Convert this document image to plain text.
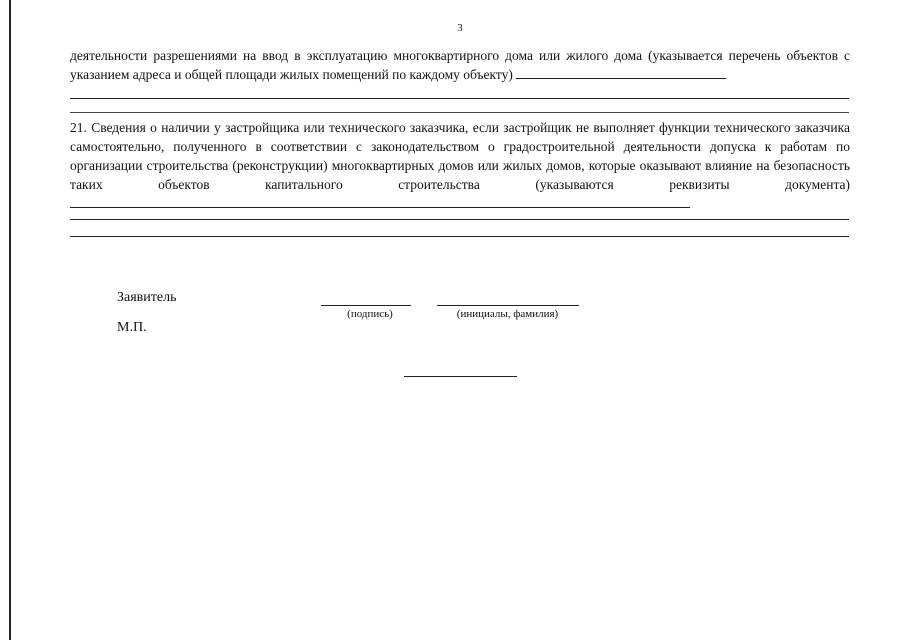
3
деятельности разрешениями на ввод в эксплуатацию многоквартирного дома или жилого дома (указывается перечень объектов с указанием адреса и общей площади жилых помещений по каждому объекту)
21. Сведения о наличии у застройщика или технического заказчика, если застройщик не выполняет функции технического заказчика самостоятельно, полученного в соответствии с законодательством о градостроительной деятельности допуска к работам по организации строительства (реконструкции) многоквартирных домов или жилых домов, которые оказывают влияние на безопасность таких объектов капитального строительства (указываются реквизиты документа)
Заявитель
М.П.
(подпись)	(инициалы, фамилия)
